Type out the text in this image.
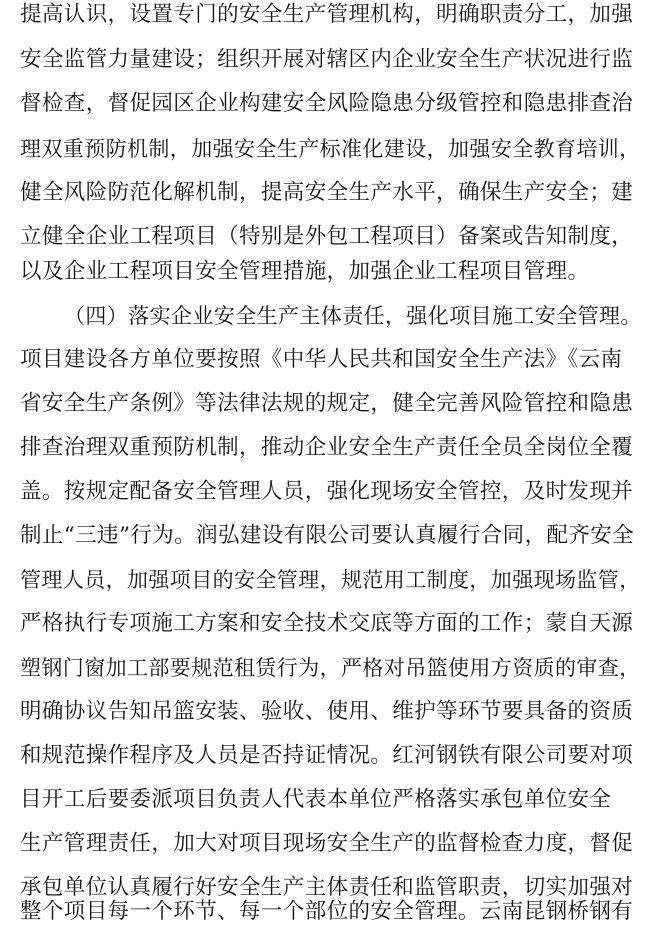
提高认识，设置专门的安全生产管理机构，明确职责分工，加强
安全监管力量建设；组织开展对辖区内企业安全生产状况进行监
督检查，督促园区企业构建安全风险隐患分级管控和隐患排查治
理双重预防机制，加强安全生产标准化建设，加强安全教育培训，
健全风险防范化解机制，提高安全生产水平，确保生产安全；建
立健全企业工程项目（特别是外包工程项目）备案或告知制度，
以及企业工程项目安全管理措施，加强企业工程项目管理。
（四）落实企业安全生产主体责任，强化项目施工安全管理。
项目建设各方单位要按照《中华人民共和国安全生产法》《云南
省安全生产条例》等法律法规的规定，健全完善风险管控和隐患
排查治理双重预防机制，推动企业安全生产责任全员全岗位全覆
盖。按规定配备安全管理人员，强化现场安全管控，及时发现并
制止“三违”行为。润弘建设有限公司要认真履行合同，配齐安全
管理人员，加强项目的安全管理，规范用工制度，加强现场监管，
严格执行专项施工方案和安全技术交底等方面的工作；蒙自天源
塑钢门窗加工部要规范租赁行为，严格对吊篮使用方资质的审查，
明确协议告知吊篮安装、验收、使用、维护等环节要具备的资质
和规范操作程序及人员是否持证情况。红河钢铁有限公司要对项
目开工后要委派项目负责人代表本单位严格落实承包单位安全
生产管理责任，加大对项目现场安全生产的监督检查力度，督促
承包单位认真履行好安全生产主体责任和监管职责，切实加强对
整个项目每一个环节、每一个部位的安全管理。云南昆钢桥钢有
